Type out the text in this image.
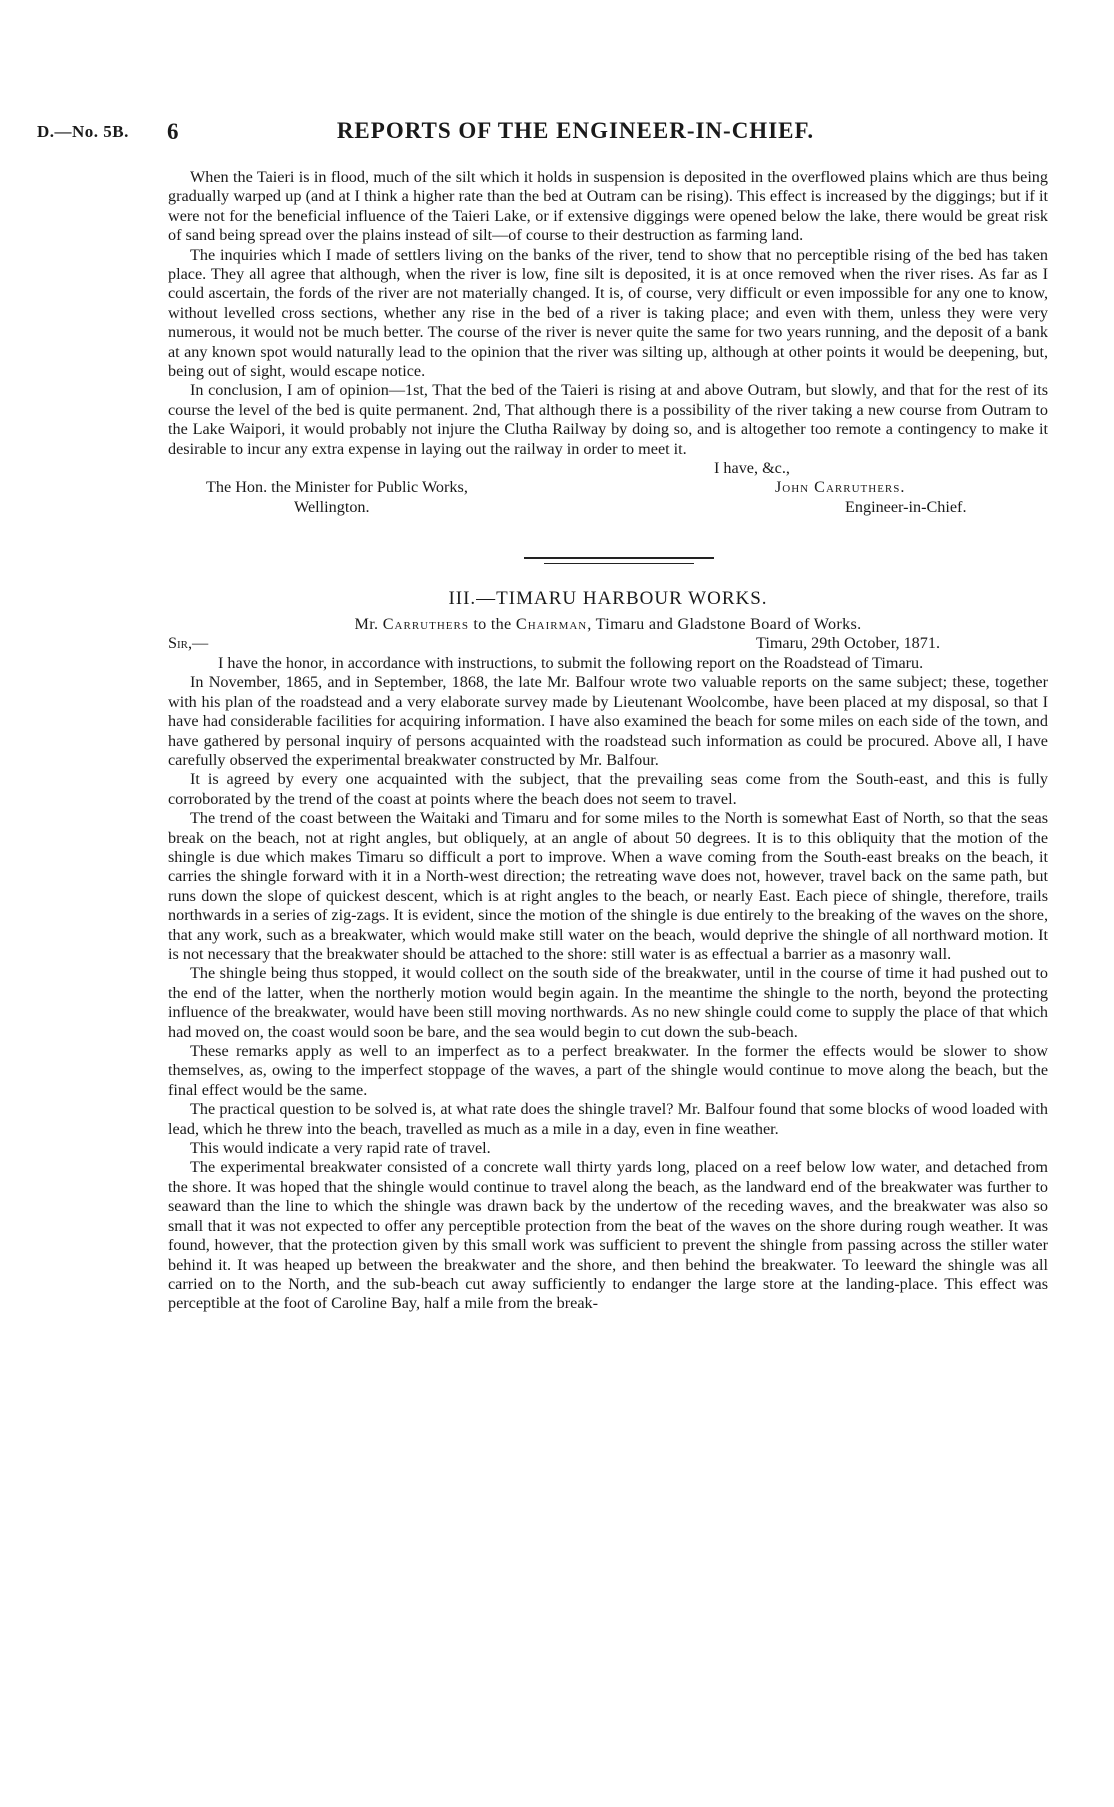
D.—No. 5B. 6	REPORTS OF THE ENGINEER-IN-CHIEF.

When the Taieri is in flood, much of the silt which it holds in suspension is deposited in the overflowed plains which are thus being gradually warped up (and at I think a higher rate than the bed at Outram can be rising). This effect is increased by the diggings; but if it were not for the beneficial influence of the Taieri Lake, or if extensive diggings were opened below the lake, there would be great risk of sand being spread over the plains instead of silt—of course to their destruction as farming land.

The inquiries which I made of settlers living on the banks of the river, tend to show that no perceptible rising of the bed has taken place. They all agree that although, when the river is low, fine silt is deposited, it is at once removed when the river rises. As far as I could ascertain, the fords of the river are not materially changed. It is, of course, very difficult or even impossible for any one to know, without levelled cross sections, whether any rise in the bed of a river is taking place; and even with them, unless they were very numerous, it would not be much better. The course of the river is never quite the same for two years running, and the deposit of a bank at any known spot would naturally lead to the opinion that the river was silting up, although at other points it would be deepening, but, being out of sight, would escape notice.

In conclusion, I am of opinion—1st, That the bed of the Taieri is rising at and above Outram, but slowly, and that for the rest of its course the level of the bed is quite permanent. 2nd, That although there is a possibility of the river taking a new course from Outram to the Lake Waipori, it would probably not injure the Clutha Railway by doing so, and is altogether too remote a contingency to make it desirable to incur any extra expense in laying out the railway in order to meet it.

I have, &c.,
The Hon. the Minister for Public Works,
Wellington.
John Carruthers.
Engineer-in-Chief.
III.—TIMARU HARBOUR WORKS.
Mr. Carruthers to the Chairman, Timaru and Gladstone Board of Works.
Sir,—	Timaru, 29th October, 1871.

I have the honor, in accordance with instructions, to submit the following report on the Roadstead of Timaru.

In November, 1865, and in September, 1868, the late Mr. Balfour wrote two valuable reports on the same subject; these, together with his plan of the roadstead and a very elaborate survey made by Lieutenant Woolcombe, have been placed at my disposal, so that I have had considerable facilities for acquiring information. I have also examined the beach for some miles on each side of the town, and have gathered by personal inquiry of persons acquainted with the roadstead such information as could be procured. Above all, I have carefully observed the experimental breakwater constructed by Mr. Balfour.

It is agreed by every one acquainted with the subject, that the prevailing seas come from the South-east, and this is fully corroborated by the trend of the coast at points where the beach does not seem to travel.

The trend of the coast between the Waitaki and Timaru and for some miles to the North is somewhat East of North, so that the seas break on the beach, not at right angles, but obliquely, at an angle of about 50 degrees. It is to this obliquity that the motion of the shingle is due which makes Timaru so difficult a port to improve. When a wave coming from the South-east breaks on the beach, it carries the shingle forward with it in a North-west direction; the retreating wave does not, however, travel back on the same path, but runs down the slope of quickest descent, which is at right angles to the beach, or nearly East. Each piece of shingle, therefore, trails northwards in a series of zig-zags. It is evident, since the motion of the shingle is due entirely to the breaking of the waves on the shore, that any work, such as a breakwater, which would make still water on the beach, would deprive the shingle of all northward motion. It is not necessary that the breakwater should be attached to the shore: still water is as effectual a barrier as a masonry wall.

The shingle being thus stopped, it would collect on the south side of the breakwater, until in the course of time it had pushed out to the end of the latter, when the northerly motion would begin again. In the meantime the shingle to the north, beyond the protecting influence of the breakwater, would have been still moving northwards. As no new shingle could come to supply the place of that which had moved on, the coast would soon be bare, and the sea would begin to cut down the sub-beach.

These remarks apply as well to an imperfect as to a perfect breakwater. In the former the effects would be slower to show themselves, as, owing to the imperfect stoppage of the waves, a part of the shingle would continue to move along the beach, but the final effect would be the same.

The practical question to be solved is, at what rate does the shingle travel? Mr. Balfour found that some blocks of wood loaded with lead, which he threw into the beach, travelled as much as a mile in a day, even in fine weather.

This would indicate a very rapid rate of travel.

The experimental breakwater consisted of a concrete wall thirty yards long, placed on a reef below low water, and detached from the shore. It was hoped that the shingle would continue to travel along the beach, as the landward end of the breakwater was further to seaward than the line to which the shingle was drawn back by the undertow of the receding waves, and the breakwater was also so small that it was not expected to offer any perceptible protection from the beat of the waves on the shore during rough weather. It was found, however, that the protection given by this small work was sufficient to prevent the shingle from passing across the stiller water behind it. It was heaped up between the breakwater and the shore, and then behind the breakwater. To leeward the shingle was all carried on to the North, and the sub-beach cut away sufficiently to endanger the large store at the landing-place. This effect was perceptible at the foot of Caroline Bay, half a mile from the break-
